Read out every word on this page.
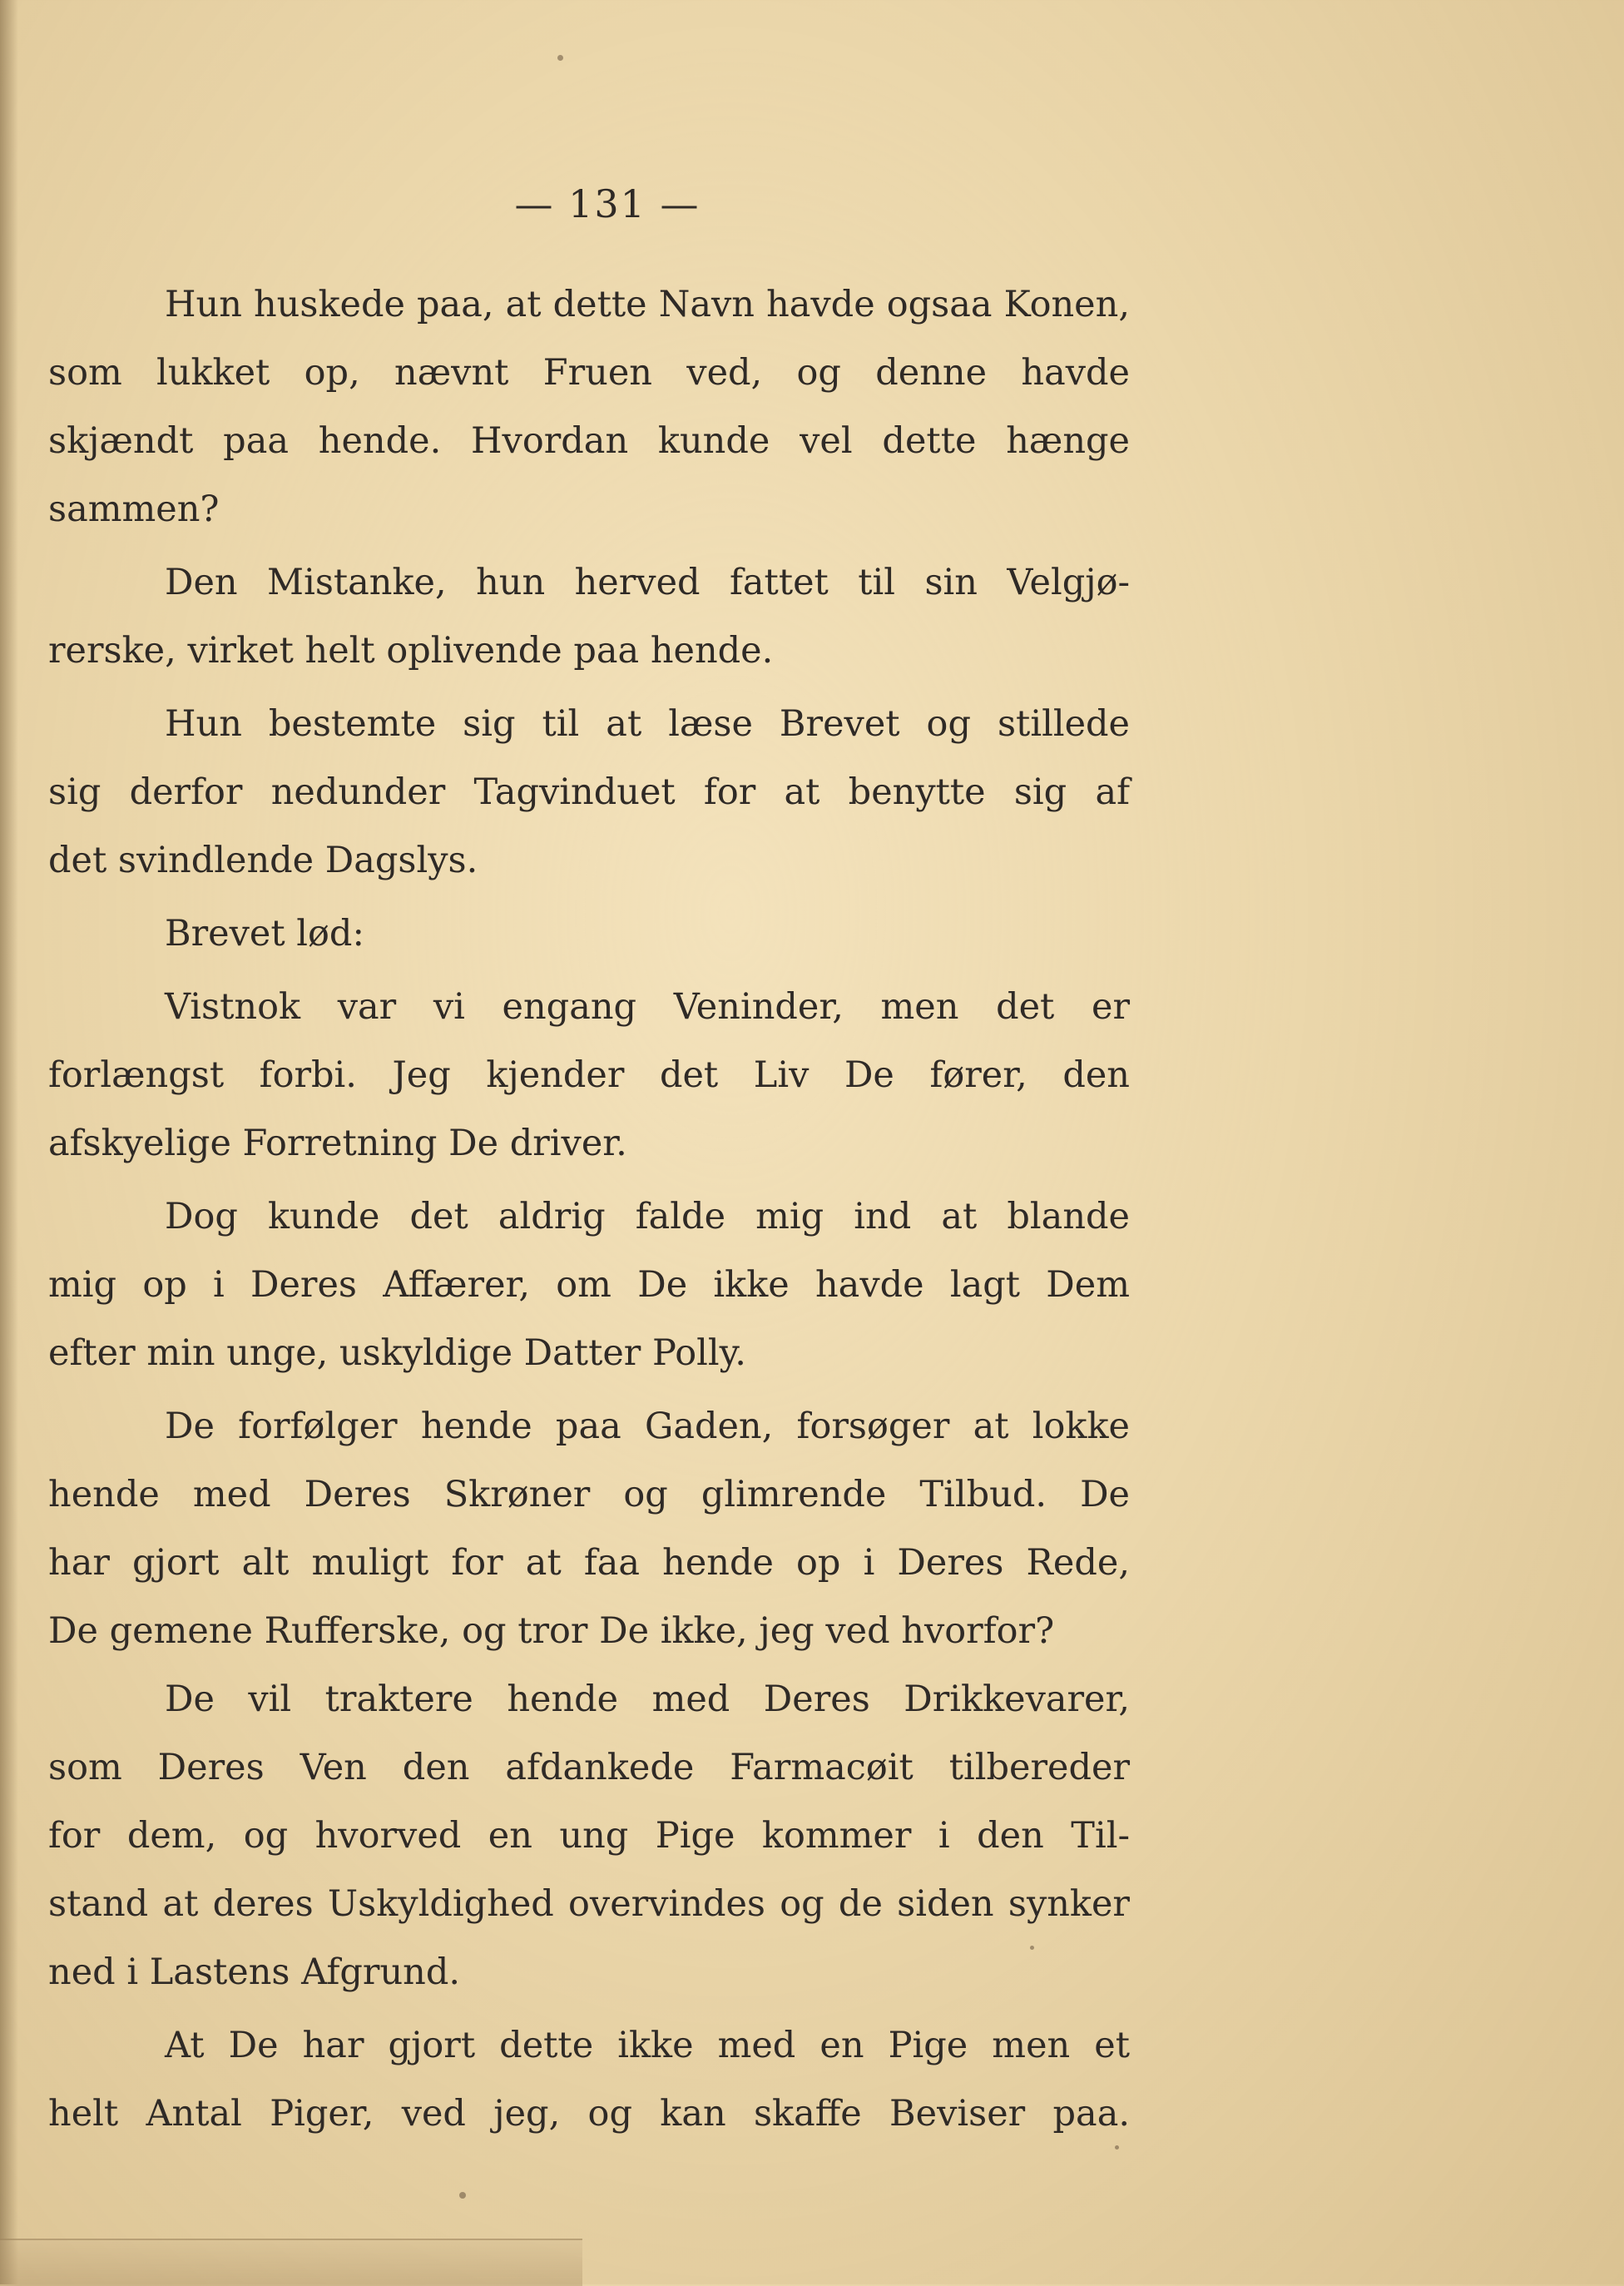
— 131 —

Hun huskede paa, at dette Navn havde ogsaa Konen,
som lukket op, nævnt Fruen ved, og denne havde
skjændt paa hende. Hvordan kunde vel dette hænge
sammen?

Den Mistanke, hun herved fattet til sin Velgjø-
rerske, virket helt oplivende paa hende.

Hun bestemte sig til at læse Brevet og stillede
sig derfor nedunder Tagvinduet for at benytte sig af
det svindlende Dagslys.

Brevet lød:

Vistnok var vi engang Veninder, men det er
forlængst forbi. Jeg kjender det Liv De fører, den
afskyelige Forretning De driver.

Dog kunde det aldrig falde mig ind at blande
mig op i Deres Affærer, om De ikke havde lagt Dem
efter min unge, uskyldige Datter Polly.

De forfølger hende paa Gaden, forsøger at lokke
hende med Deres Skrøner og glimrende Tilbud. De
har gjort alt muligt for at faa hende op i Deres Rede,
De gemene Rufferske, og tror De ikke, jeg ved hvorfor?

De vil traktere hende med Deres Drikkevarer,
som Deres Ven den afdankede Farmacøit tilbereder
for dem, og hvorved en ung Pige kommer i den Til-
stand at deres Uskyldighed overvindes og de siden synker
ned i Lastens Afgrund.

At De har gjort dette ikke med en Pige men et
helt Antal Piger, ved jeg, og kan skaffe Beviser paa.
